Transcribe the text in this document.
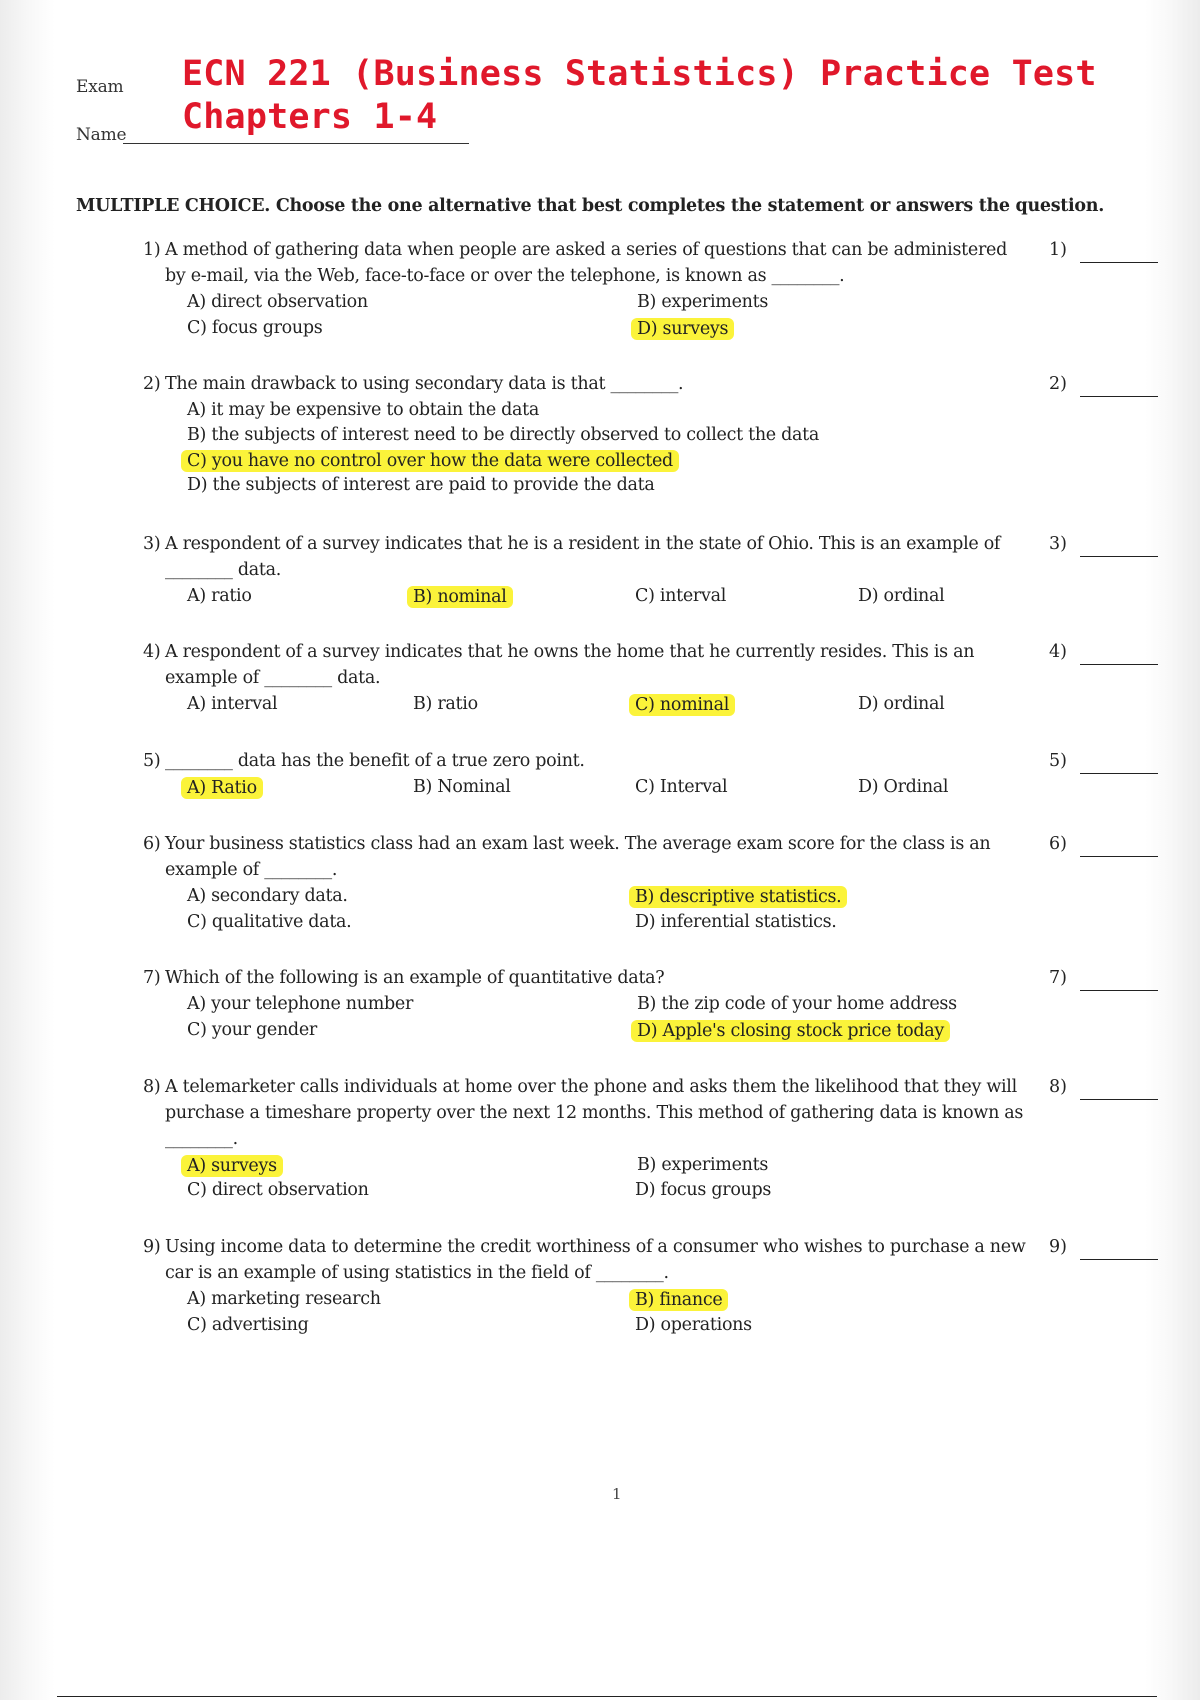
Exam
Name
ECN 221 (Business Statistics) Practice Test
Chapters 1-4
MULTIPLE CHOICE. Choose the one alternative that best completes the statement or answers the question.
1) A method of gathering data when people are asked a series of questions that can be administered
by e-mail, via the Web, face-to-face or over the telephone, is known as ________.
A) direct observation	B) experiments
C) focus groups	D) surveys
1)
2) The main drawback to using secondary data is that ________.
A) it may be expensive to obtain the data
B) the subjects of interest need to be directly observed to collect the data
C) you have no control over how the data were collected
D) the subjects of interest are paid to provide the data
2)
3) A respondent of a survey indicates that he is a resident in the state of Ohio. This is an example of
________ data.
A) ratio	B) nominal	C) interval	D) ordinal
3)
4) A respondent of a survey indicates that he owns the home that he currently resides. This is an
example of ________ data.
A) interval	B) ratio	C) nominal	D) ordinal
4)
5) ________ data has the benefit of a true zero point.
A) Ratio	B) Nominal	C) Interval	D) Ordinal
5)
6) Your business statistics class had an exam last week. The average exam score for the class is an
example of ________.
A) secondary data.	B) descriptive statistics.
C) qualitative data.	D) inferential statistics.
6)
7) Which of the following is an example of quantitative data?
A) your telephone number	B) the zip code of your home address
C) your gender	D) Apple's closing stock price today
7)
8) A telemarketer calls individuals at home over the phone and asks them the likelihood that they will
purchase a timeshare property over the next 12 months. This method of gathering data is known as
________.
A) surveys	B) experiments
C) direct observation	D) focus groups
8)
9) Using income data to determine the credit worthiness of a consumer who wishes to purchase a new
car is an example of using statistics in the field of ________.
A) marketing research	B) finance
C) advertising	D) operations
9)
1
